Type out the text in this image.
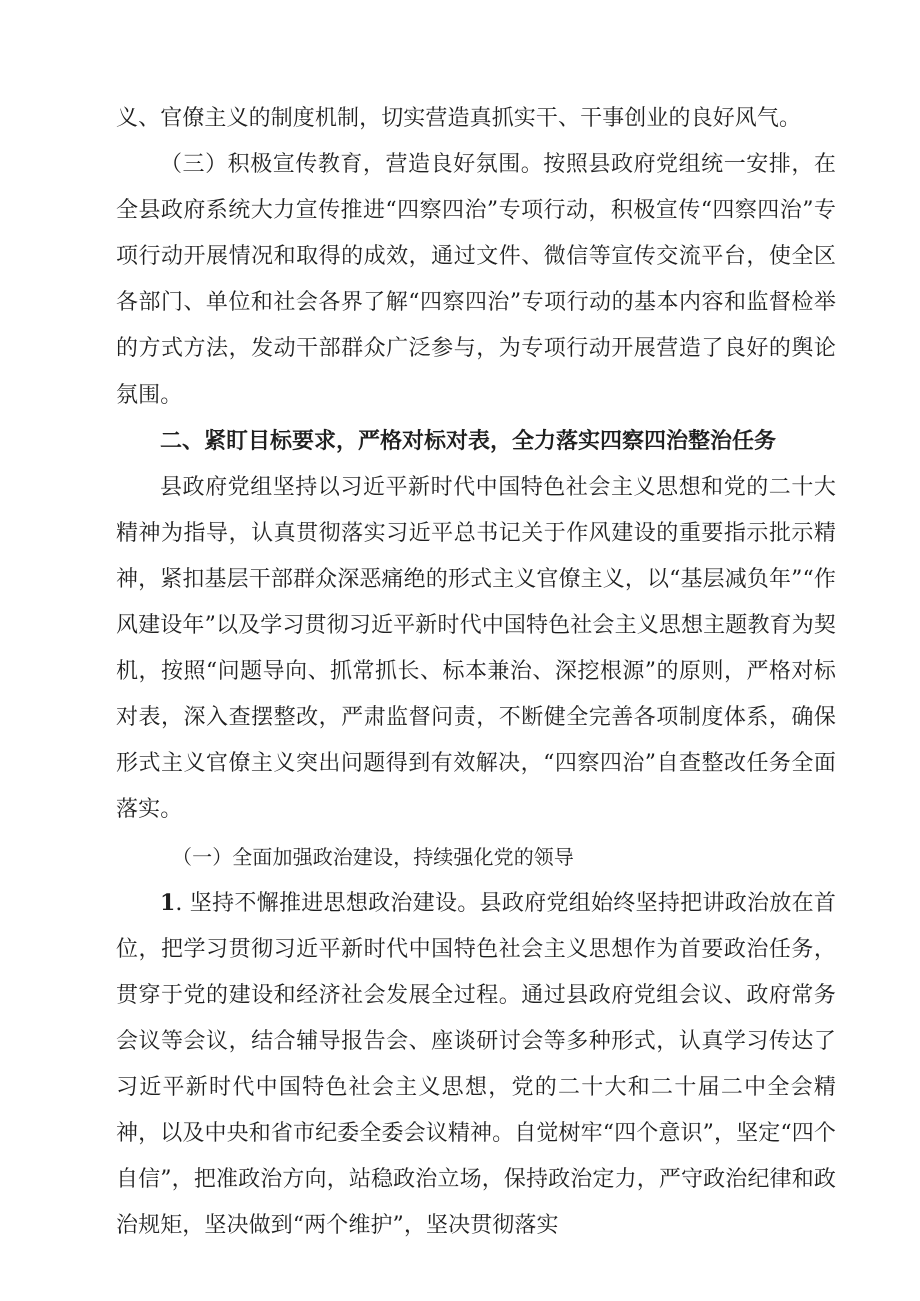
义、官僚主义的制度机制，切实营造真抓实干、干事创业的良好风气。

（三）积极宣传教育，营造良好氛围。按照县政府党组统一安排，在全县政府系统大力宣传推进“四察四治”专项行动，积极宣传“四察四治”专项行动开展情况和取得的成效，通过文件、微信等宣传交流平台，使全区各部门、单位和社会各界了解“四察四治”专项行动的基本内容和监督检举的方式方法，发动干部群众广泛参与，为专项行动开展营造了良好的舆论氛围。

二、紧盯目标要求，严格对标对表，全力落实四察四治整治任务

县政府党组坚持以习近平新时代中国特色社会主义思想和党的二十大精神为指导，认真贯彻落实习近平总书记关于作风建设的重要指示批示精神，紧扣基层干部群众深恶痛绝的形式主义官僚主义，以“基层减负年”“作风建设年”以及学习贯彻习近平新时代中国特色社会主义思想主题教育为契机，按照“问题导向、抓常抓长、标本兼治、深挖根源”的原则，严格对标对表，深入查摆整改，严肃监督问责，不断健全完善各项制度体系，确保形式主义官僚主义突出问题得到有效解决，“四察四治”自查整改任务全面落实。

（一）全面加强政治建设，持续强化党的领导

1. 坚持不懈推进思想政治建设。县政府党组始终坚持把讲政治放在首位，把学习贯彻习近平新时代中国特色社会主义思想作为首要政治任务，贯穿于党的建设和经济社会发展全过程。通过县政府党组会议、政府常务会议等会议，结合辅导报告会、座谈研讨会等多种形式，认真学习传达了习近平新时代中国特色社会主义思想，党的二十大和二十届二中全会精神，以及中央和省市纪委全委会议精神。自觉树牢“四个意识”，坚定“四个自信”，把准政治方向，站稳政治立场，保持政治定力，严守政治纪律和政治规矩，坚决做到“两个维护”，坚决贯彻落实
